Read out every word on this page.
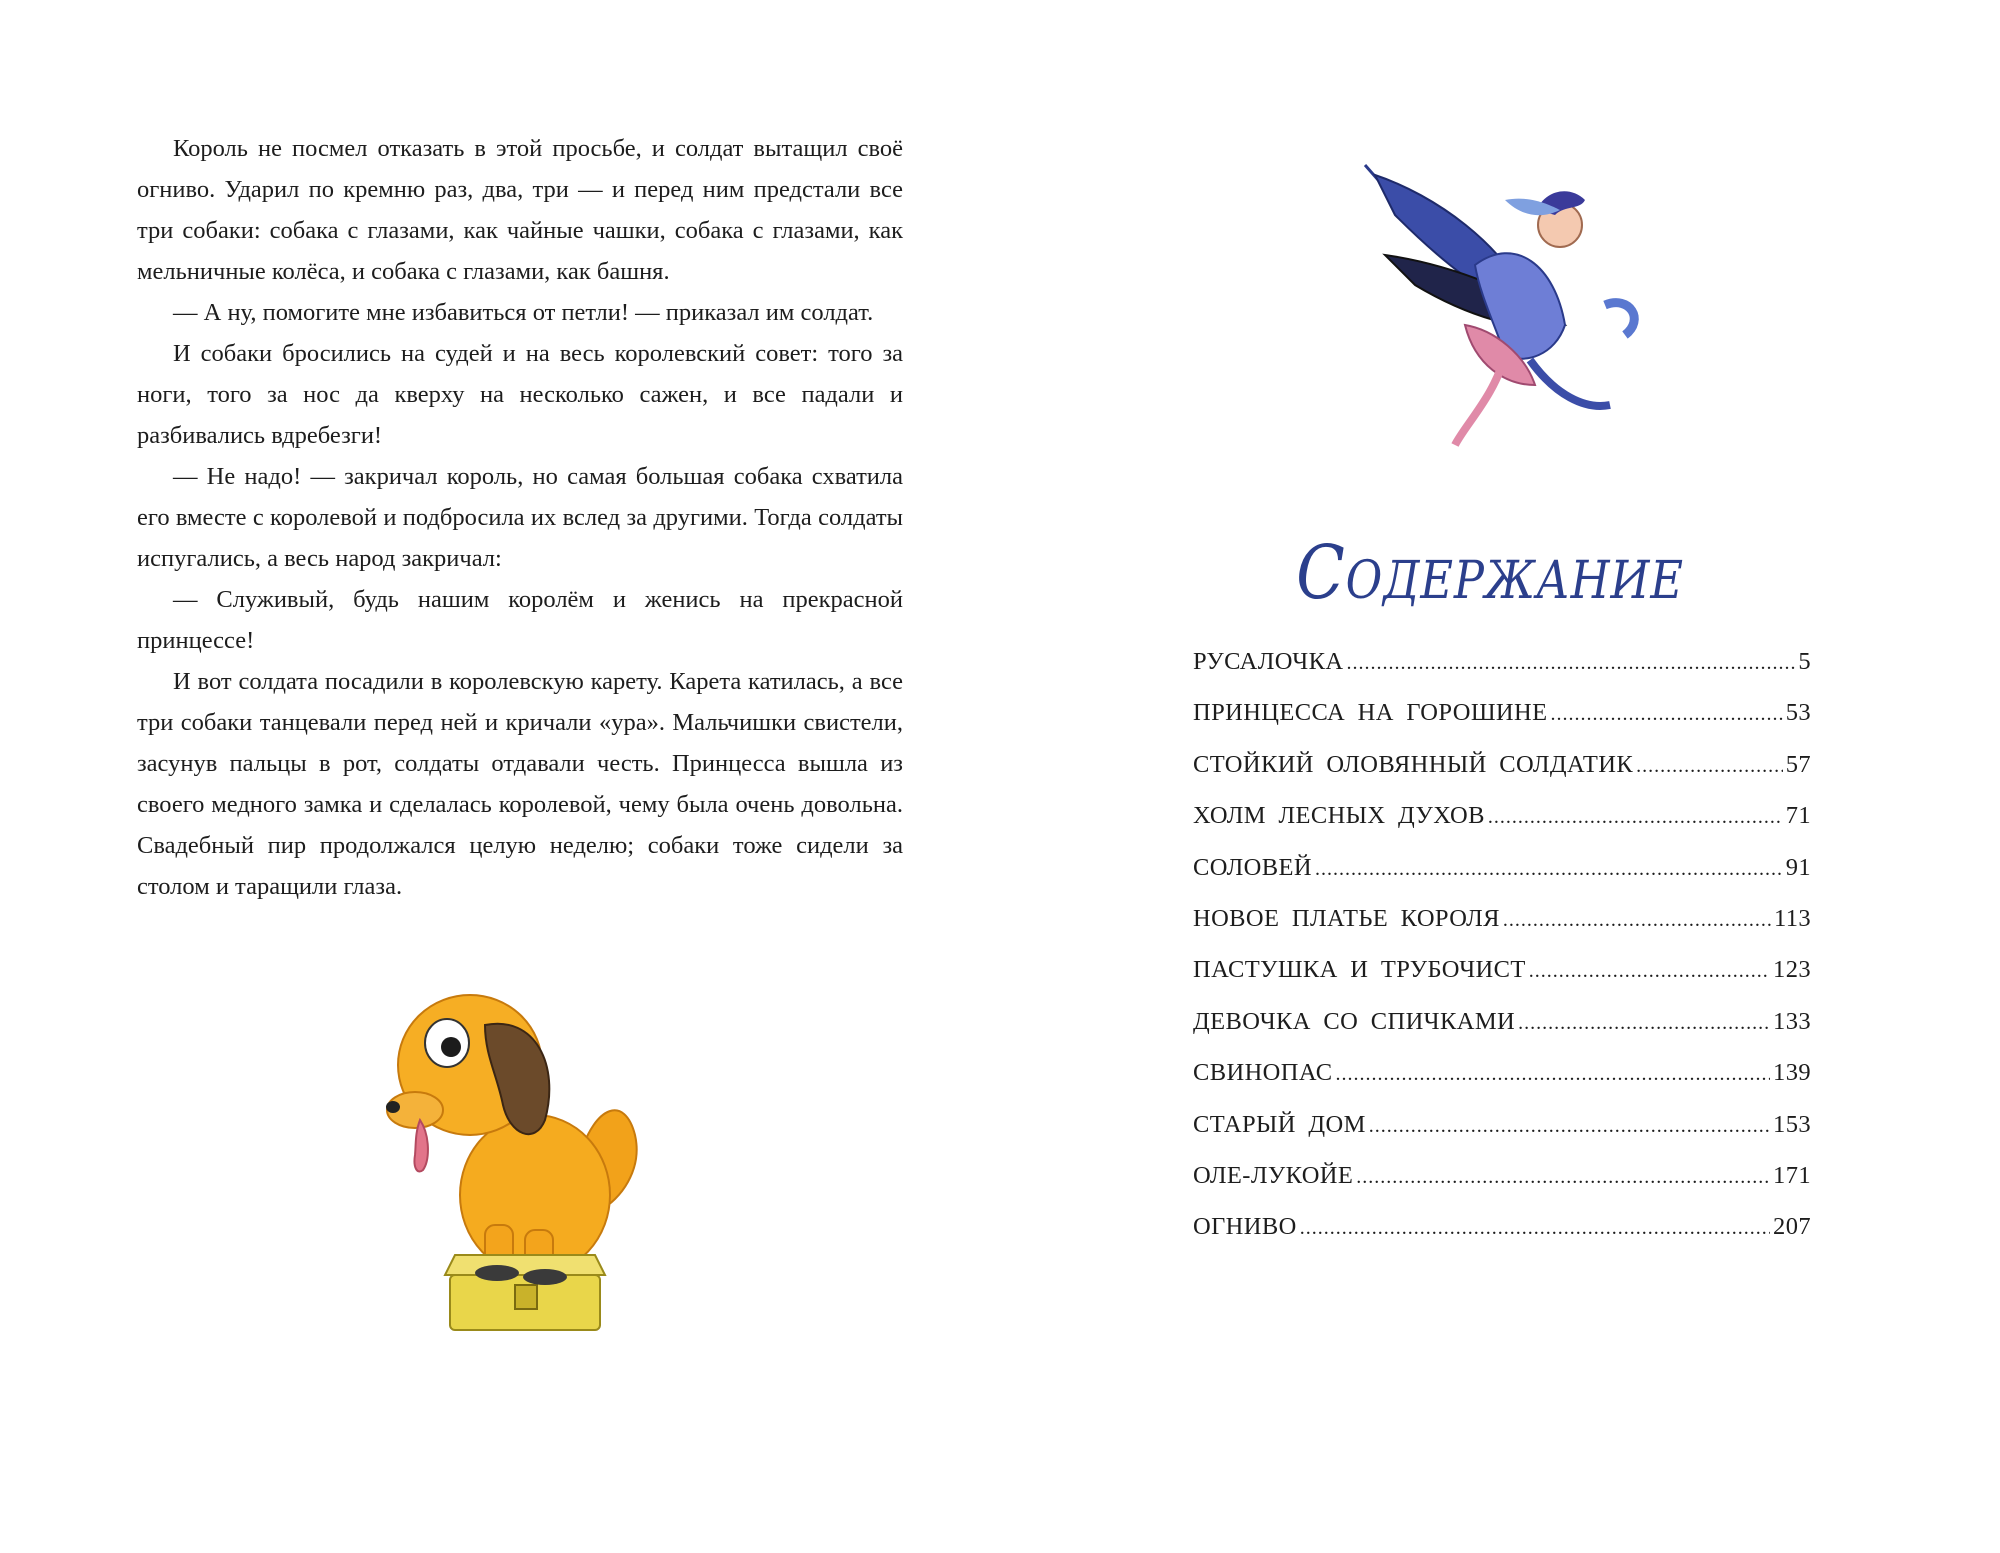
Король не посмел отказать в этой просьбе, и солдат вытащил своё огниво. Ударил по кремню раз, два, три — и перед ним предстали все три собаки: собака с глазами, как чайные чашки, собака с глазами, как мельничные колёса, и собака с глазами, как башня.

— А ну, помогите мне избавиться от петли! — приказал им солдат.

И собаки бросились на судей и на весь королевский совет: того за ноги, того за нос да кверху на несколько сажен, и все падали и разбивались вдребезги!

— Не надо! — закричал король, но самая большая собака схватила его вместе с королевой и подбросила их вслед за другими. Тогда солдаты испугались, а весь народ закричал:

— Служивый, будь нашим королём и женись на прекрасной принцессе!

И вот солдата посадили в королевскую карету. Карета катилась, а все три собаки танцевали перед ней и кричали «ура». Мальчишки свистели, засунув пальцы в рот, солдаты отдавали честь. Принцесса вышла из своего медного замка и сделалась королевой, чему была очень довольна. Свадебный пир продолжался целую неделю; собаки тоже сидели за столом и таращили глаза.

Содержание
РУСАЛОЧКА .....	5
ПРИНЦЕССА НА ГОРОШИНЕ .....	53
СТОЙКИЙ ОЛОВЯННЫЙ СОЛДАТИК .....	57
ХОЛМ ЛЕСНЫХ ДУХОВ .....	71
СОЛОВЕЙ .....	91
НОВОЕ ПЛАТЬЕ КОРОЛЯ .....	113
ПАСТУШКА И ТРУБОЧИСТ .....	123
ДЕВОЧКА СО СПИЧКАМИ .....	133
СВИНОПАС .....	139
СТАРЫЙ ДОМ .....	153
ОЛЕ-ЛУКОЙЕ .....	171
ОГНИВО .....	207
